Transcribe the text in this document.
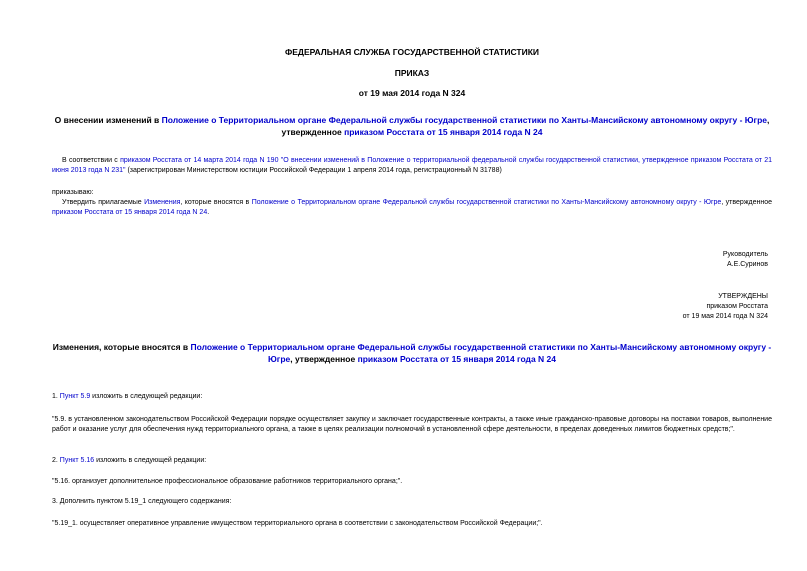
ФЕДЕРАЛЬНАЯ СЛУЖБА ГОСУДАРСТВЕННОЙ СТАТИСТИКИ
ПРИКАЗ
от 19 мая 2014 года N 324
О внесении изменений в Положение о Территориальном органе Федеральной службы государственной статистики по Ханты-Мансийскому автономному округу - Югре, утвержденное приказом Росстата от 15 января 2014 года N 24
В соответствии с приказом Росстата от 14 марта 2014 года N 190 "О внесении изменений в Положение о территориальной федеральной службы государственной статистики, утвержденное приказом Росстата от 21 июня 2013 года N 231" (зарегистрирован Министерством юстиции Российской Федерации 1 апреля 2014 года, регистрационный N 31788)
приказываю:
Утвердить прилагаемые Изменения, которые вносятся в Положение о Территориальном органе Федеральной службы государственной статистики по Ханты-Мансийскому автономному округу - Югре, утвержденное приказом Росстата от 15 января 2014 года N 24.
Руководитель
А.Е.Суринов
УТВЕРЖДЕНЫ
приказом Росстата
от 19 мая 2014 года N 324
Изменения, которые вносятся в Положение о Территориальном органе Федеральной службы государственной статистики по Ханты-Мансийскому автономному округу - Югре, утвержденное приказом Росстата от 15 января 2014 года N 24
1. Пункт 5.9 изложить в следующей редакции:
"5.9. в установленном законодательством Российской Федерации порядке осуществляет закупку и заключает государственные контракты, а также иные гражданско-правовые договоры на поставки товаров, выполнение работ и оказание услуг для обеспечения нужд территориального органа, а также в целях реализации полномочий в установленной сфере деятельности, в пределах доведенных лимитов бюджетных средств;".
2. Пункт 5.16 изложить в следующей редакции:
"5.16. организует дополнительное профессиональное образование работников территориального органа;".
3. Дополнить пунктом 5.19_1 следующего содержания:
"5.19_1. осуществляет оперативное управление имуществом территориального органа в соответствии с законодательством Российской Федерации;".
